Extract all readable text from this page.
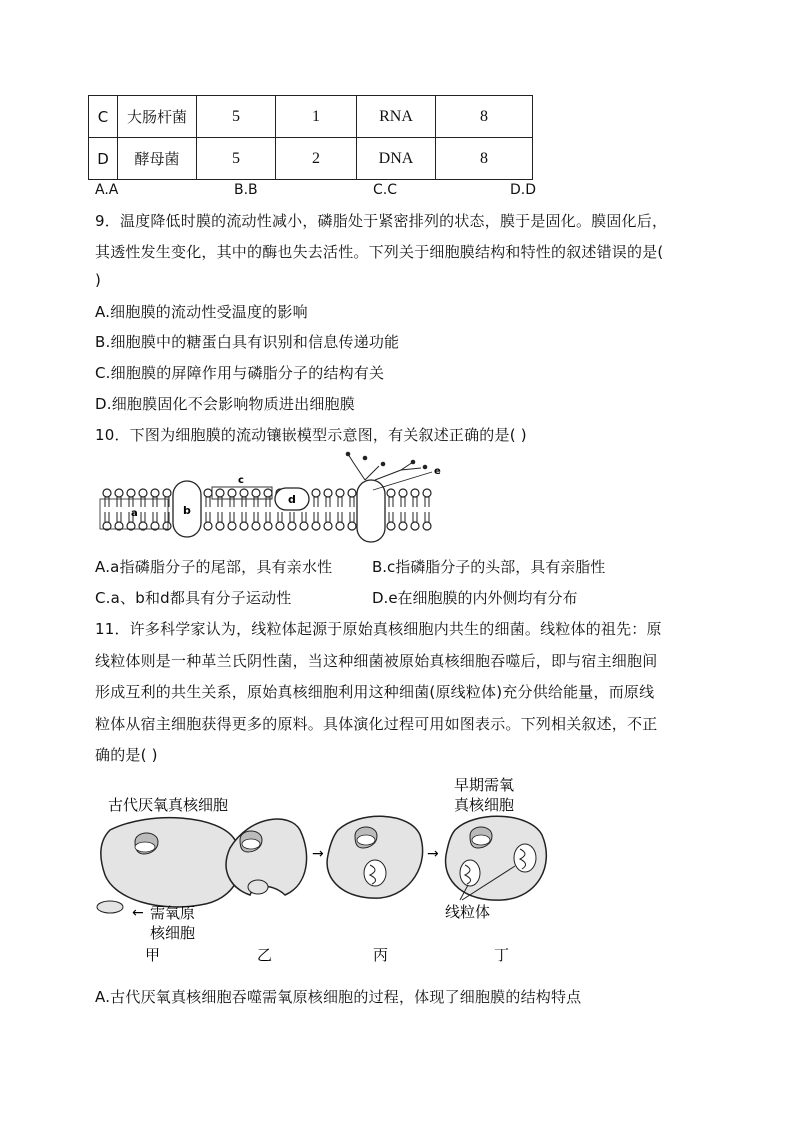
C	大肠杆菌	5	1	RNA	8
D	酵母菌	5	2	DNA	8
A.A	B.B	C.C	D.D
9．温度降低时膜的流动性减小，磷脂处于紧密排列的状态，膜于是固化。膜固化后，
其透性发生变化，其中的酶也失去活性。下列关于细胞膜结构和特性的叙述错误的是(
)
A.细胞膜的流动性受温度的影响
B.细胞膜中的糖蛋白具有识别和信息传递功能
C.细胞膜的屏障作用与磷脂分子的结构有关
D.细胞膜固化不会影响物质进出细胞膜
10．下图为细胞膜的流动镶嵌模型示意图，有关叙述正确的是( )
a	b
c
d
e
A.a指磷脂分子的尾部，具有亲水性	B.c指磷脂分子的头部，具有亲脂性
C.a、b和d都具有分子运动性	D.e在细胞膜的内外侧均有分布
11．许多科学家认为，线粒体起源于原始真核细胞内共生的细菌。线粒体的祖先：原
线粒体则是一种革兰氏阴性菌，当这种细菌被原始真核细胞吞噬后，即与宿主细胞间
形成互利的共生关系，原始真核细胞利用这种细菌(原线粒体)充分供给能量，而原线
粒体从宿主细胞获得更多的原料。具体演化过程可用如图表示。下列相关叙述，不正
确的是( )
古代厌氧真核细胞
早期需氧
真核细胞
← 需氧原
核细胞
→	→
线粒体
甲	乙	丙	丁
A.古代厌氧真核细胞吞噬需氧原核细胞的过程，体现了细胞膜的结构特点
